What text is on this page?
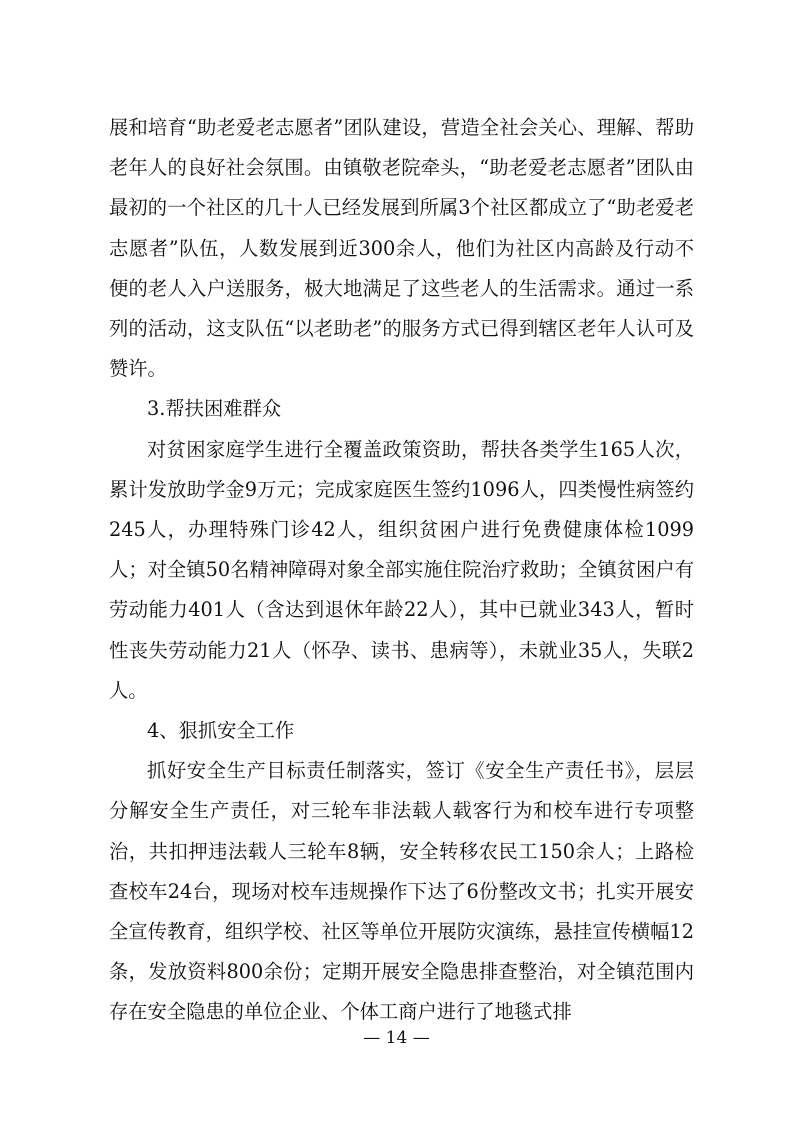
展和培育“助老爱老志愿者”团队建设，营造全社会关心、理解、帮助老年人的良好社会氛围。由镇敬老院牵头，“助老爱老志愿者”团队由最初的一个社区的几十人已经发展到所属3个社区都成立了“助老爱老志愿者”队伍，人数发展到近300余人，他们为社区内高龄及行动不便的老人入户送服务，极大地满足了这些老人的生活需求。通过一系列的活动，这支队伍“以老助老”的服务方式已得到辖区老年人认可及赞许。

3.帮扶困难群众

对贫困家庭学生进行全覆盖政策资助，帮扶各类学生165人次，累计发放助学金9万元；完成家庭医生签约1096人，四类慢性病签约245人，办理特殊门诊42人，组织贫困户进行免费健康体检1099人；对全镇50名精神障碍对象全部实施住院治疗救助；全镇贫困户有劳动能力401人（含达到退休年龄22人），其中已就业343人，暂时性丧失劳动能力21人（怀孕、读书、患病等），未就业35人，失联2人。

4、狠抓安全工作

抓好安全生产目标责任制落实，签订《安全生产责任书》，层层分解安全生产责任，对三轮车非法载人载客行为和校车进行专项整治，共扣押违法载人三轮车8辆，安全转移农民工150余人；上路检查校车24台，现场对校车违规操作下达了6份整改文书；扎实开展安全宣传教育，组织学校、社区等单位开展防灾演练，悬挂宣传横幅12条，发放资料800余份；定期开展安全隐患排查整治，对全镇范围内存在安全隐患的单位企业、个体工商户进行了地毯式排

— 14 —
